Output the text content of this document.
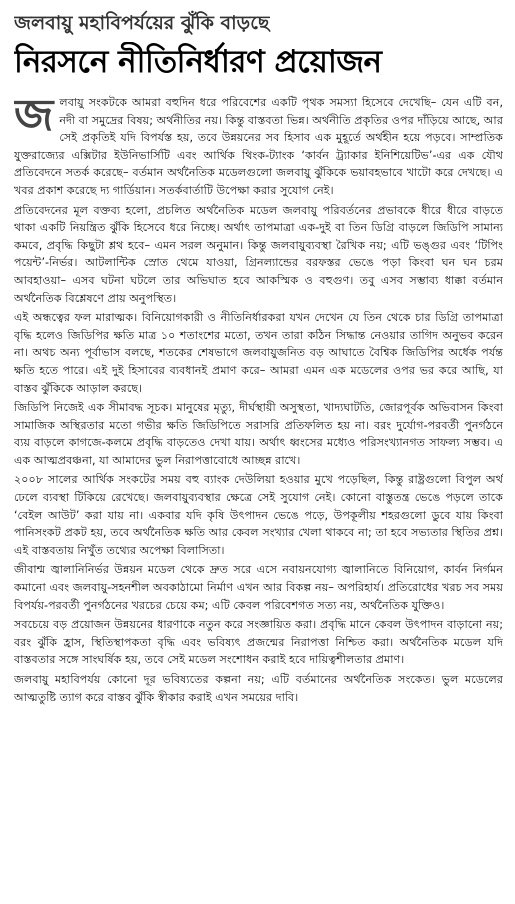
জলবায়ু মহাবিপর্যয়ের ঝুঁকি বাড়ছে
নিরসনে নীতিনির্ধারণ প্রয়োজন

জলবায়ু সংকটকে আমরা বহুদিন ধরে পরিবেশের একটি পৃথক সমস্যা হিসেবে দেখেছি– যেন এটি বন, নদী বা সমুদ্রের বিষয়; অর্থনীতির নয়। কিন্তু বাস্তবতা ভিন্ন। অর্থনীতি প্রকৃতির ওপর দাঁড়িয়ে আছে, আর সেই প্রকৃতিই যদি বিপর্যস্ত হয়, তবে উন্নয়নের সব হিসাব এক মুহূর্তে অর্থহীন হয়ে পড়বে। সাম্প্রতিক যুক্তরাজ্যের এক্সিটার ইউনিভার্সিটি এবং আর্থিক থিংক-ট্যাংক ‘কার্বন ট্র্যাকার ইনিশিয়েটিভ’-এর এক যৌথ প্রতিবেদনে সতর্ক করেছে– বর্তমান অর্থনৈতিক মডেলগুলো জলবায়ু ঝুঁকিকে ভয়াবহভাবে খাটো করে দেখছে। এ খবর প্রকাশ করেছে দ্য গার্ডিয়ান। সতর্কবার্তাটি উপেক্ষা করার সুযোগ নেই।

প্রতিবেদনের মূল বক্তব্য হলো, প্রচলিত অর্থনৈতিক মডেল জলবায়ু পরিবর্তনের প্রভাবকে ধীরে ধীরে বাড়তে থাকা একটি নিয়ন্ত্রিত ঝুঁকি হিসেবে ধরে নিচ্ছে। অর্থাৎ তাপমাত্রা এক-দুই বা তিন ডিগ্রি বাড়লে জিডিপি সামান্য কমবে, প্রবৃদ্ধি কিছুটা শ্লথ হবে– এমন সরল অনুমান। কিন্তু জলবায়ুব্যবস্থা রৈখিক নয়; এটি ভঙ্গুর এবং ‘টিপিং পয়েন্ট’-নির্ভর। আটলান্টিক স্রোত থেমে যাওয়া, গ্রিনল্যান্ডের বরফস্তর ভেঙে পড়া কিংবা ঘন ঘন চরম আবহাওয়া– এসব ঘটনা ঘটলে তার অভিঘাত হবে আকস্মিক ও বহুগুণ। তবু এসব সম্ভাব্য ধাক্কা বর্তমান অর্থনৈতিক বিশ্লেষণে প্রায় অনুপস্থিত।

এই অন্ধত্বের ফল মারাত্মক। বিনিয়োগকারী ও নীতিনির্ধারকরা যখন দেখেন যে তিন থেকে চার ডিগ্রি তাপমাত্রা বৃদ্ধি হলেও জিডিপির ক্ষতি মাত্র ১০ শতাংশের মতো, তখন তারা কঠিন সিদ্ধান্ত নেওয়ার তাগিদ অনুভব করেন না। অথচ অন্য পূর্বাভাস বলছে, শতকের শেষভাগে জলবায়ুজনিত বড় আঘাতে বৈশ্বিক জিডিপির অর্ধেক পর্যন্ত ক্ষতি হতে পারে। এই দুই হিসাবের ব্যবধানই প্রমাণ করে– আমরা এমন এক মডেলের ওপর ভর করে আছি, যা বাস্তব ঝুঁকিকে আড়াল করছে।

জিডিপি নিজেই এক সীমাবদ্ধ সূচক। মানুষের মৃত্যু, দীর্ঘস্থায়ী অসুস্থতা, খাদ্যঘাটতি, জোরপূর্বক অভিবাসন কিংবা সামাজিক অস্থিরতার মতো গভীর ক্ষতি জিডিপিতে সরাসরি প্রতিফলিত হয় না। বরং দুর্যোগ-পরবর্তী পুনর্গঠনে ব্যয় বাড়লে কাগজে-কলমে প্রবৃদ্ধি বাড়তেও দেখা যায়। অর্থাৎ ধ্বংসের মধ্যেও পরিসংখ্যানগত সাফল্য সম্ভব। এ এক আত্মপ্রবঞ্চনা, যা আমাদের ভুল নিরাপত্তাবোধে আচ্ছন্ন রাখে।

২০০৮ সালের আর্থিক সংকটের সময় বহু ব্যাংক দেউলিয়া হওয়ার মুখে পড়েছিল, কিন্তু রাষ্ট্রগুলো বিপুল অর্থ ঢেলে ব্যবস্থা টিকিয়ে রেখেছে। জলবায়ুব্যবস্থার ক্ষেত্রে সেই সুযোগ নেই। কোনো বাস্তুতন্ত্র ভেঙে পড়লে তাকে ‘বেইল আউট’ করা যায় না। একবার যদি কৃষি উৎপাদন ভেঙে পড়ে, উপকূলীয় শহরগুলো ডুবে যায় কিংবা পানিসংকট প্রকট হয়, তবে অর্থনৈতিক ক্ষতি আর কেবল সংখ্যার খেলা থাকবে না; তা হবে সভ্যতার স্থিতির প্রশ্ন। এই বাস্তবতায় নিখুঁত তথ্যের অপেক্ষা বিলাসিতা।

জীবাশ্ম জ্বালানিনির্ভর উন্নয়ন মডেল থেকে দ্রুত সরে এসে নবায়নযোগ্য জ্বালানিতে বিনিয়োগ, কার্বন নির্গমন কমানো এবং জলবায়ু-সহনশীল অবকাঠামো নির্মাণ এখন আর বিকল্প নয়– অপরিহার্য। প্রতিরোধের খরচ সব সময় বিপর্যয়-পরবর্তী পুনর্গঠনের খরচের চেয়ে কম; এটি কেবল পরিবেশগত সত্য নয়, অর্থনৈতিক যুক্তিও।

সবচেয়ে বড় প্রয়োজন উন্নয়নের ধারণাকে নতুন করে সংজ্ঞায়িত করা। প্রবৃদ্ধি মানে কেবল উৎপাদন বাড়ানো নয়; বরং ঝুঁকি হ্রাস, স্থিতিস্থাপকতা বৃদ্ধি এবং ভবিষ্যৎ প্রজন্মের নিরাপত্তা নিশ্চিত করা। অর্থনৈতিক মডেল যদি বাস্তবতার সঙ্গে সাংঘর্ষিক হয়, তবে সেই মডেল সংশোধন করাই হবে দায়িত্বশীলতার প্রমাণ।

জলবায়ু মহাবিপর্যয় কোনো দূর ভবিষ্যতের কল্পনা নয়; এটি বর্তমানের অর্থনৈতিক সংকেত। ভুল মডেলের আত্মতুষ্টি ত্যাগ করে বাস্তব ঝুঁকি স্বীকার করাই এখন সময়ের দাবি।
